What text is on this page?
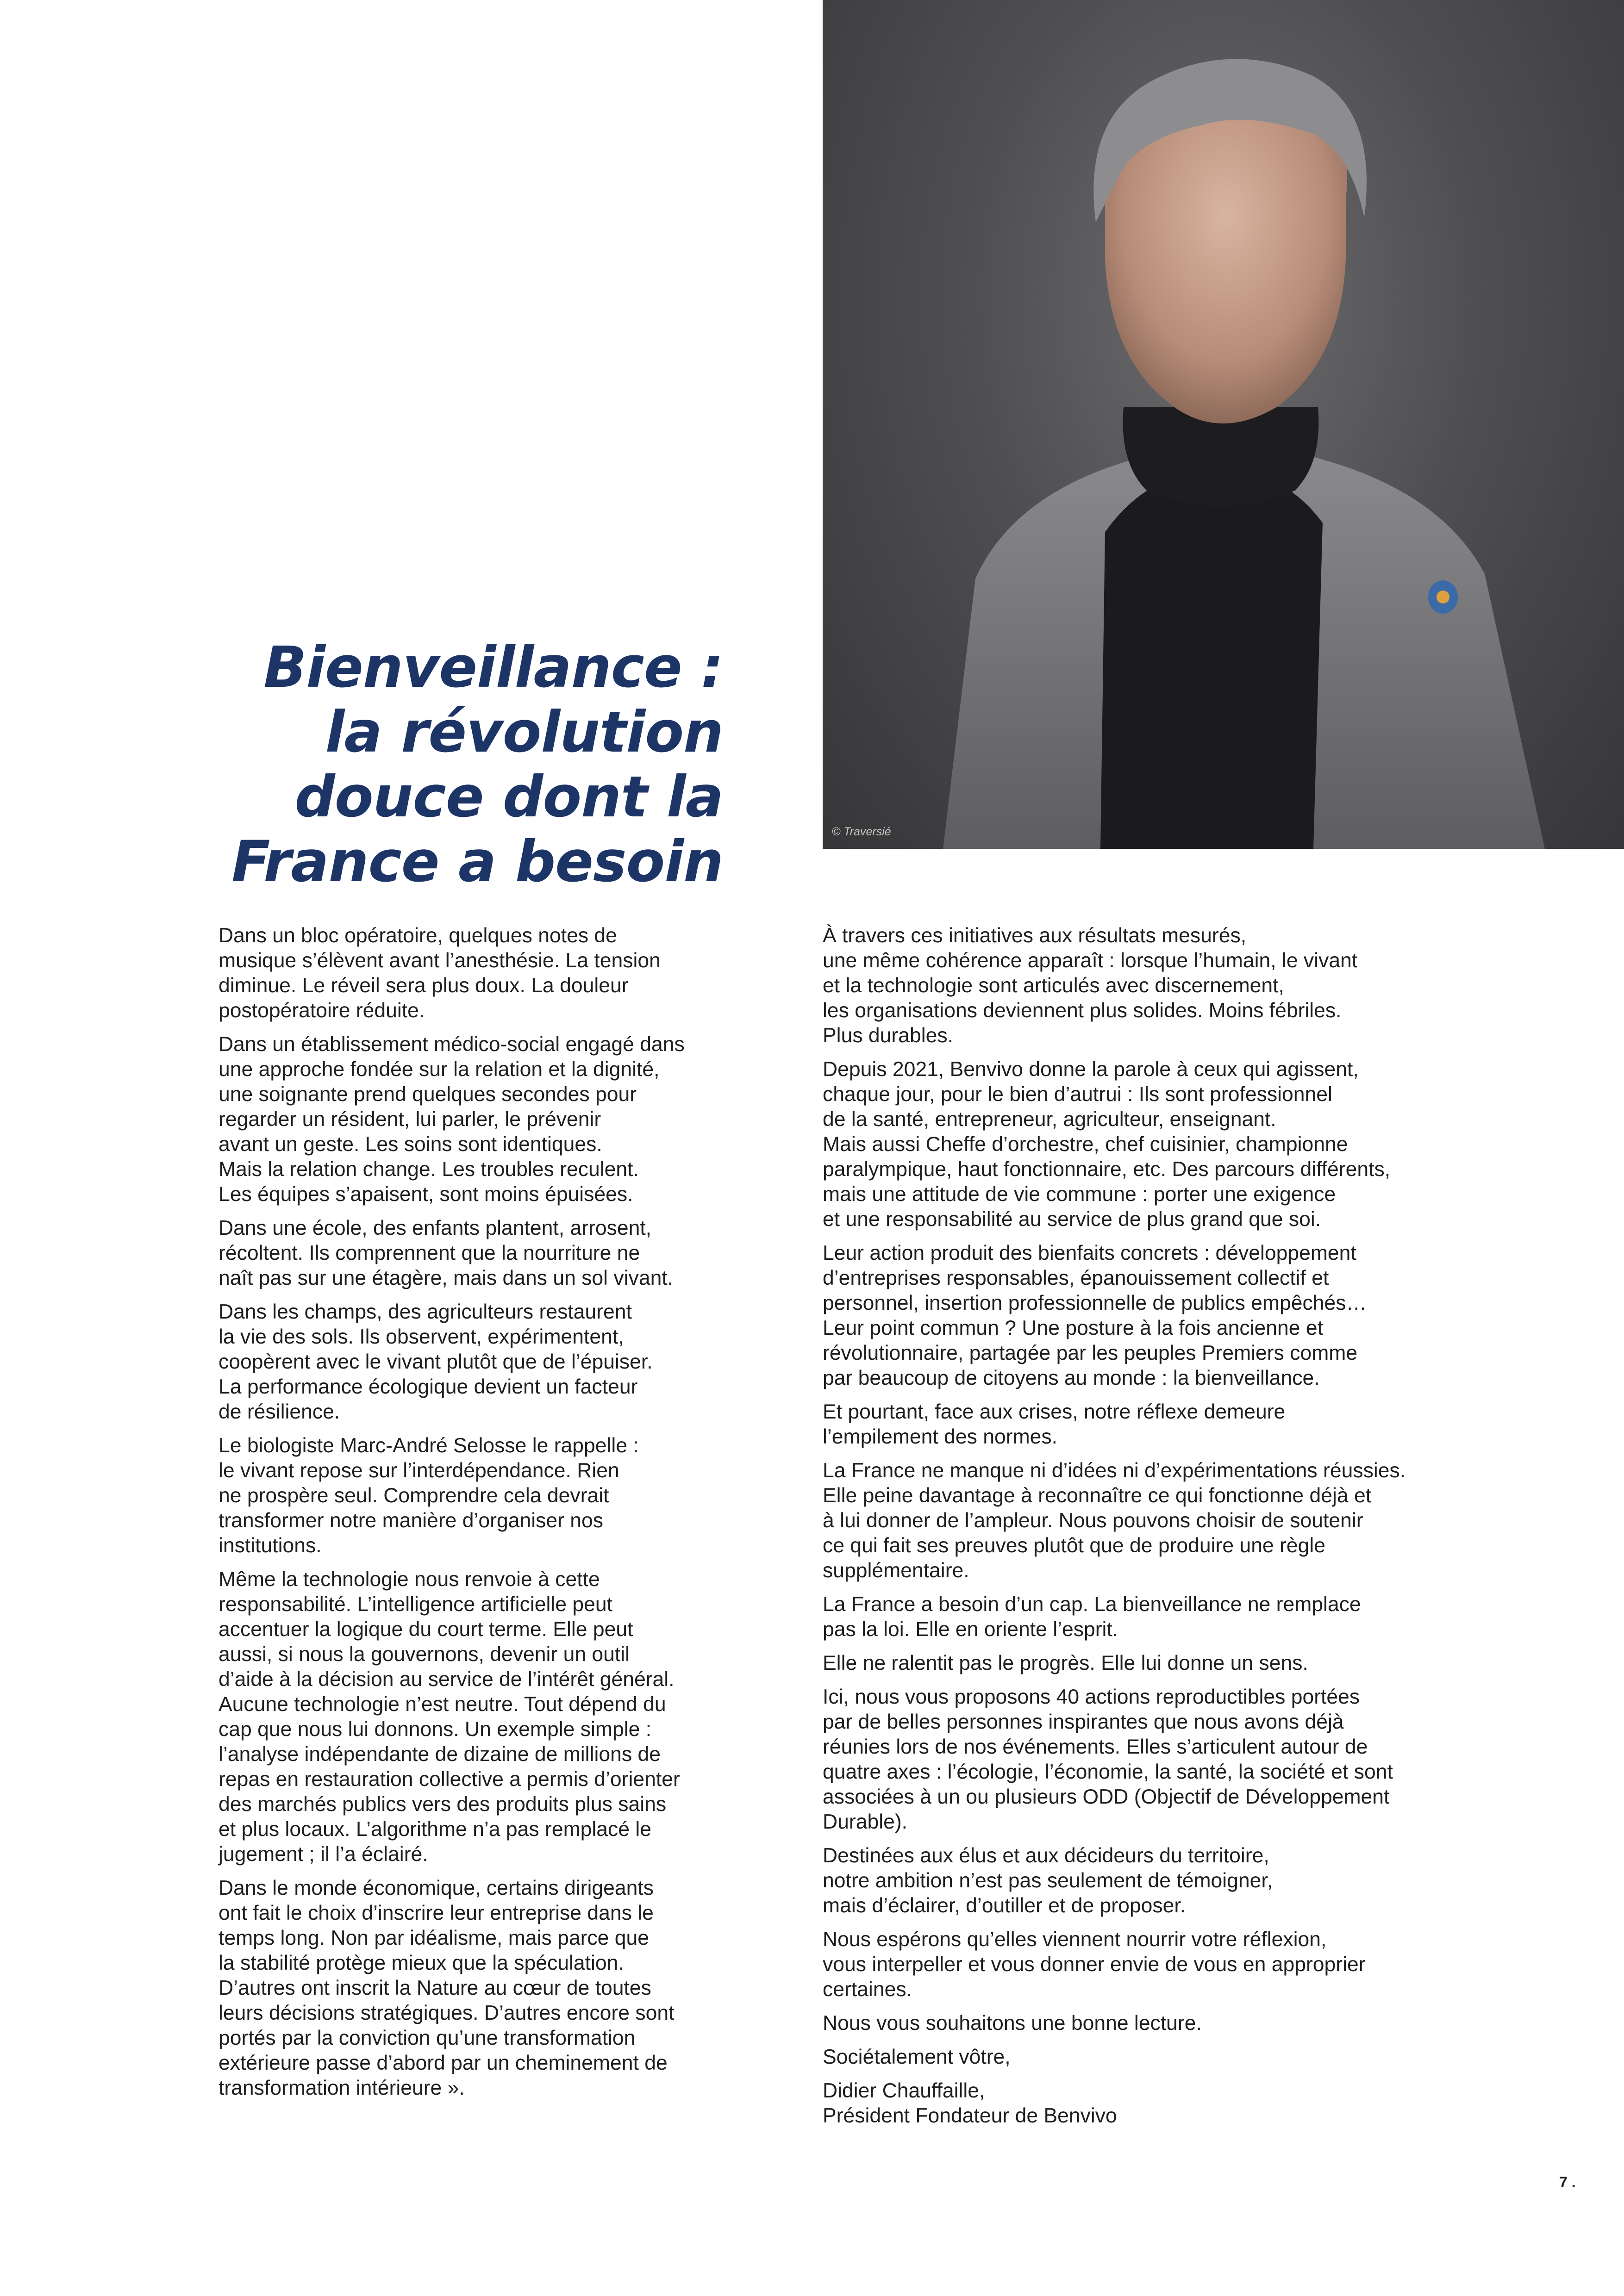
Bienveillance :
la révolution
douce dont la
France a besoin	© Traversié

Dans un bloc opératoire, quelques notes de
musique s’élèvent avant l’anesthésie. La tension
diminue. Le réveil sera plus doux. La douleur
postopératoire réduite.

Dans un établissement médico-social engagé dans
une approche fondée sur la relation et la dignité,
une soignante prend quelques secondes pour
regarder un résident, lui parler, le prévenir
avant un geste. Les soins sont identiques.
Mais la relation change. Les troubles reculent.
Les équipes s’apaisent, sont moins épuisées.

Dans une école, des enfants plantent, arrosent,
récoltent. Ils comprennent que la nourriture ne
naît pas sur une étagère, mais dans un sol vivant.

Dans les champs, des agriculteurs restaurent
la vie des sols. Ils observent, expérimentent,
coopèrent avec le vivant plutôt que de l’épuiser.
La performance écologique devient un facteur
de résilience.

Le biologiste Marc-André Selosse le rappelle :
le vivant repose sur l’interdépendance. Rien
ne prospère seul. Comprendre cela devrait
transformer notre manière d’organiser nos
institutions.

Même la technologie nous renvoie à cette
responsabilité. L’intelligence artificielle peut
accentuer la logique du court terme. Elle peut
aussi, si nous la gouvernons, devenir un outil
d’aide à la décision au service de l’intérêt général.
Aucune technologie n’est neutre. Tout dépend du
cap que nous lui donnons. Un exemple simple :
l’analyse indépendante de dizaine de millions de
repas en restauration collective a permis d’orienter
des marchés publics vers des produits plus sains
et plus locaux. L’algorithme n’a pas remplacé le
jugement ; il l’a éclairé.

Dans le monde économique, certains dirigeants
ont fait le choix d’inscrire leur entreprise dans le
temps long. Non par idéalisme, mais parce que
la stabilité protège mieux que la spéculation.
D’autres ont inscrit la Nature au cœur de toutes
leurs décisions stratégiques. D’autres encore sont
portés par la conviction qu’une transformation
extérieure passe d’abord par un cheminement de
transformation intérieure ».

À travers ces initiatives aux résultats mesurés,
une même cohérence apparaît : lorsque l’humain, le vivant
et la technologie sont articulés avec discernement,
les organisations deviennent plus solides. Moins fébriles.
Plus durables.

Depuis 2021, Benvivo donne la parole à ceux qui agissent,
chaque jour, pour le bien d’autrui : Ils sont professionnel
de la santé, entrepreneur, agriculteur, enseignant.
Mais aussi Cheffe d’orchestre, chef cuisinier, championne
paralympique, haut fonctionnaire, etc. Des parcours différents,
mais une attitude de vie commune : porter une exigence
et une responsabilité au service de plus grand que soi.

Leur action produit des bienfaits concrets : développement
d’entreprises responsables, épanouissement collectif et
personnel, insertion professionnelle de publics empêchés…
Leur point commun ? Une posture à la fois ancienne et
révolutionnaire, partagée par les peuples Premiers comme
par beaucoup de citoyens au monde : la bienveillance.

Et pourtant, face aux crises, notre réflexe demeure
l’empilement des normes.

La France ne manque ni d’idées ni d’expérimentations réussies.
Elle peine davantage à reconnaître ce qui fonctionne déjà et
à lui donner de l’ampleur. Nous pouvons choisir de soutenir
ce qui fait ses preuves plutôt que de produire une règle
supplémentaire.

La France a besoin d’un cap. La bienveillance ne remplace
pas la loi. Elle en oriente l’esprit.

Elle ne ralentit pas le progrès. Elle lui donne un sens.

Ici, nous vous proposons 40 actions reproductibles portées
par de belles personnes inspirantes que nous avons déjà
réunies lors de nos événements. Elles s’articulent autour de
quatre axes : l’écologie, l’économie, la santé, la société et sont
associées à un ou plusieurs ODD (Objectif de Développement
Durable).

Destinées aux élus et aux décideurs du territoire,
notre ambition n’est pas seulement de témoigner,
mais d’éclairer, d’outiller et de proposer.

Nous espérons qu’elles viennent nourrir votre réflexion,
vous interpeller et vous donner envie de vous en approprier
certaines.

Nous vous souhaitons une bonne lecture.

Sociétalement vôtre,

Didier Chauffaille,
Président Fondateur de Benvivo

7 .
